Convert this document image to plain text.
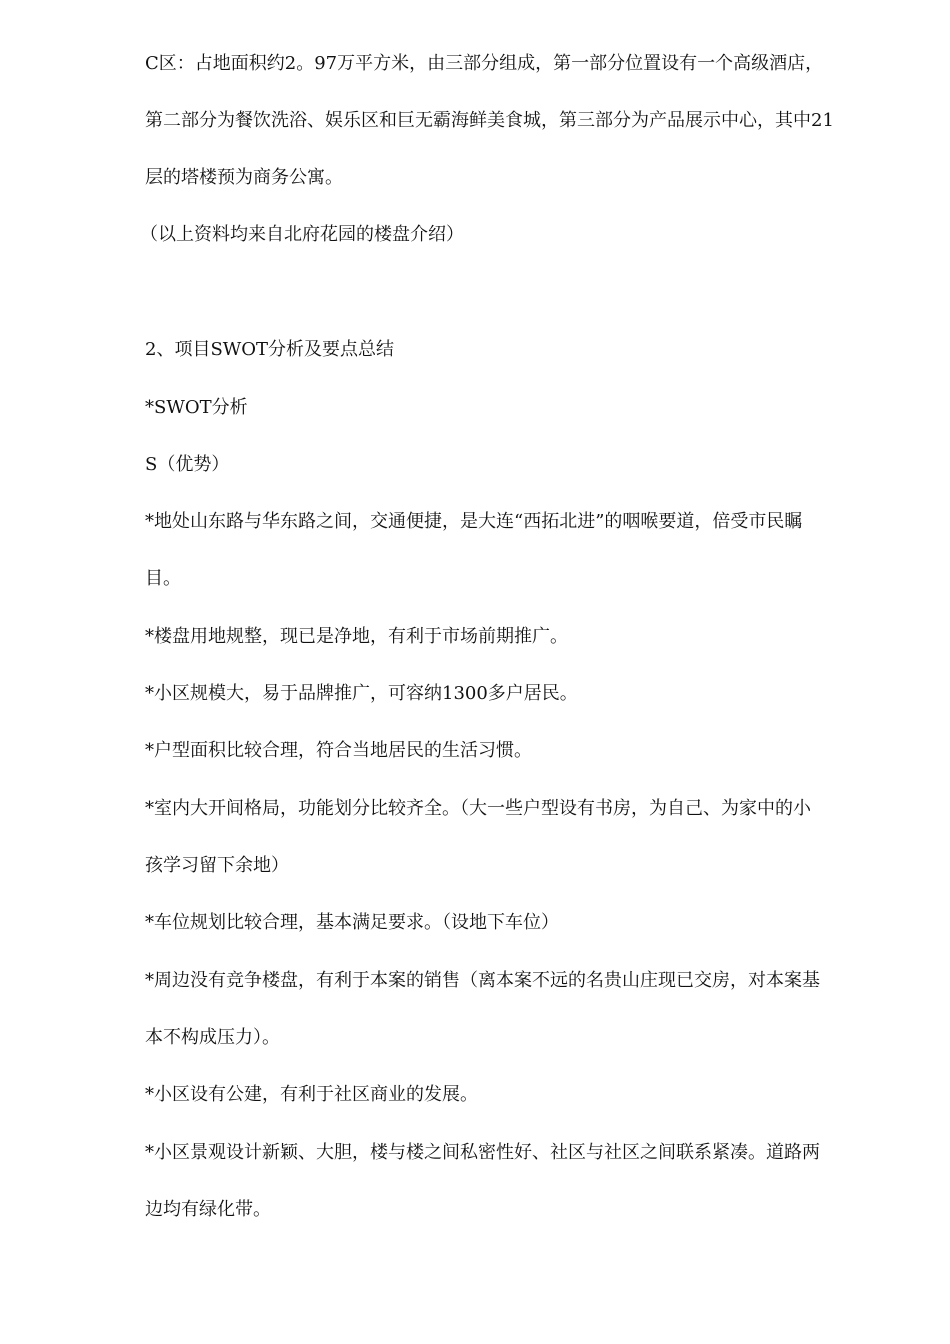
C区：占地面积约2。97万平方米，由三部分组成，第一部分位置设有一个高级酒店，
第二部分为餐饮洗浴、娱乐区和巨无霸海鲜美食城，第三部分为产品展示中心，其中21
层的塔楼预为商务公寓。
（以上资料均来自北府花园的楼盘介绍）
2、项目SWOT分析及要点总结
*SWOT分析
S（优势）
*地处山东路与华东路之间，交通便捷，是大连“西拓北进”的咽喉要道，倍受市民瞩
目。
*楼盘用地规整，现已是净地，有利于市场前期推广。
*小区规模大，易于品牌推广，可容纳1300多户居民。
*户型面积比较合理，符合当地居民的生活习惯。
*室内大开间格局，功能划分比较齐全。（大一些户型设有书房，为自己、为家中的小
孩学习留下余地）
*车位规划比较合理，基本满足要求。（设地下车位）
*周边没有竞争楼盘，有利于本案的销售（离本案不远的名贵山庄现已交房，对本案基
本不构成压力）。
*小区设有公建，有利于社区商业的发展。
*小区景观设计新颖、大胆，楼与楼之间私密性好、社区与社区之间联系紧凑。道路两
边均有绿化带。
